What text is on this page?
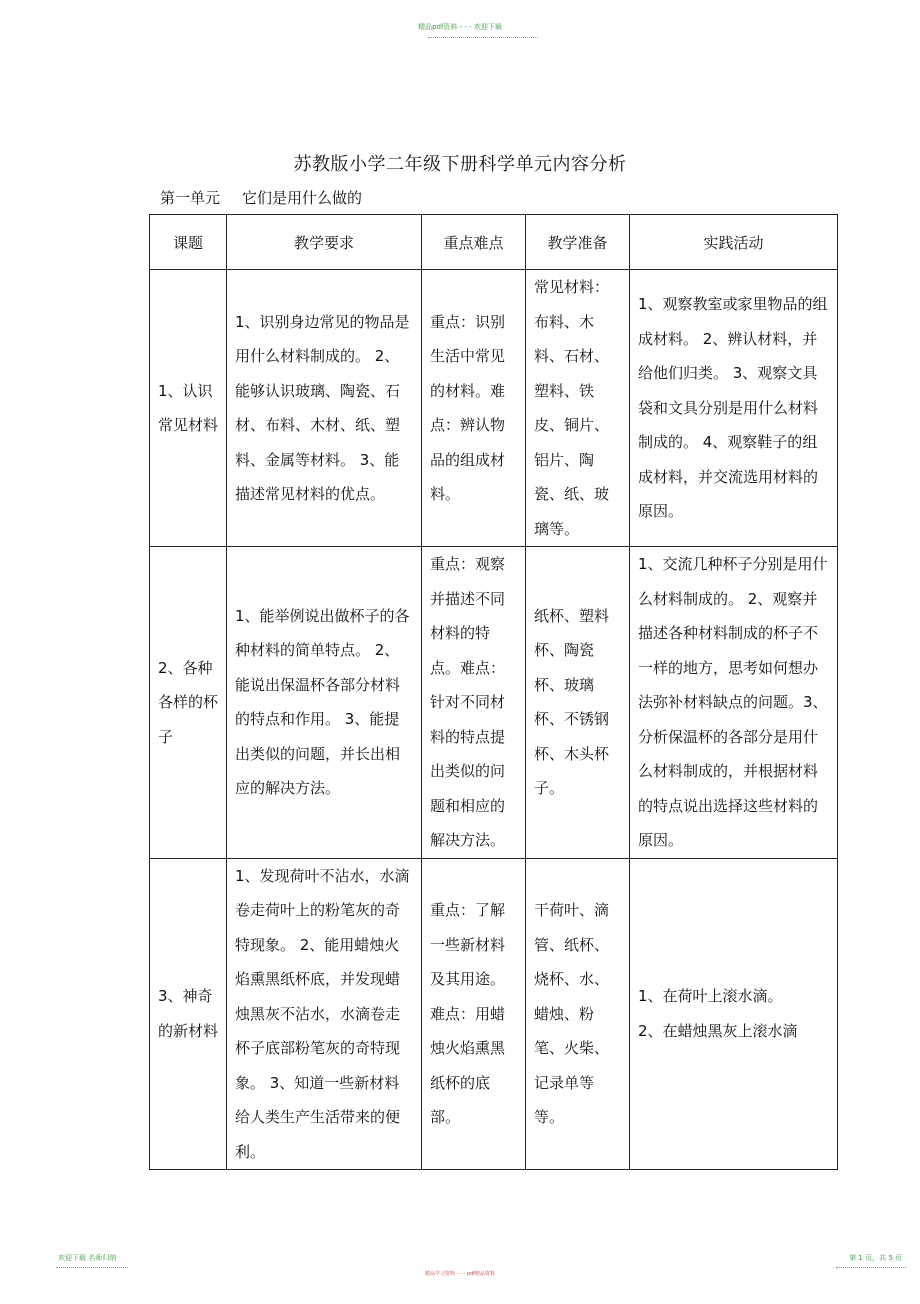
精品pdf资料 - - - 欢迎下载
苏教版小学二年级下册科学单元内容分析
第一单元 它们是用什么做的
课题	教学要求	重点难点	教学准备	实践活动
1、认识常见材料	1、识别身边常见的物品是用什么材料制成的。 2、能够认识玻璃、陶瓷、石材、布料、木材、纸、塑料、金属等材料。 3、能描述常见材料的优点。	重点：识别生活中常见的材料。难点：辨认物品的组成材料。	常见材料：布料、木料、石材、塑料、铁皮、铜片、铝片、陶瓷、纸、玻璃等。	1、观察教室或家里物品的组成材料。 2、辨认材料，并给他们归类。 3、观察文具袋和文具分别是用什么材料制成的。 4、观察鞋子的组成材料，并交流选用材料的原因。
2、各种各样的杯子	1、能举例说出做杯子的各种材料的简单特点。 2、能说出保温杯各部分材料的特点和作用。 3、能提出类似的问题，并长出相应的解决方法。	重点：观察并描述不同材料的特点。难点：针对不同材料的特点提出类似的问题和相应的解决方法。	纸杯、塑料杯、陶瓷杯、玻璃杯、不锈钢杯、木头杯子。	1、交流几种杯子分别是用什么材料制成的。 2、观察并描述各种材料制成的杯子不一样的地方，思考如何想办法弥补材料缺点的问题。3、分析保温杯的各部分是用什么材料制成的，并根据材料的特点说出选择这些材料的原因。
3、神奇的新材料	1、发现荷叶不沾水，水滴卷走荷叶上的粉笔灰的奇特现象。 2、能用蜡烛火焰熏黑纸杯底，并发现蜡烛黑灰不沾水，水滴卷走杯子底部粉笔灰的奇特现象。 3、知道一些新材料给人类生产生活带来的便利。	重点：了解一些新材料及其用途。难点：用蜡烛火焰熏黑纸杯的底部。	干荷叶、滴管、纸杯、烧杯、水、蜡烛、粉笔、火柴、记录单等等。	1、在荷叶上滚水滴。
2、在蜡烛黑灰上滚水滴
欢迎下载 名师归纳
精品学习资料 - - - pdf精品资料
第 1 页，共 5 页
